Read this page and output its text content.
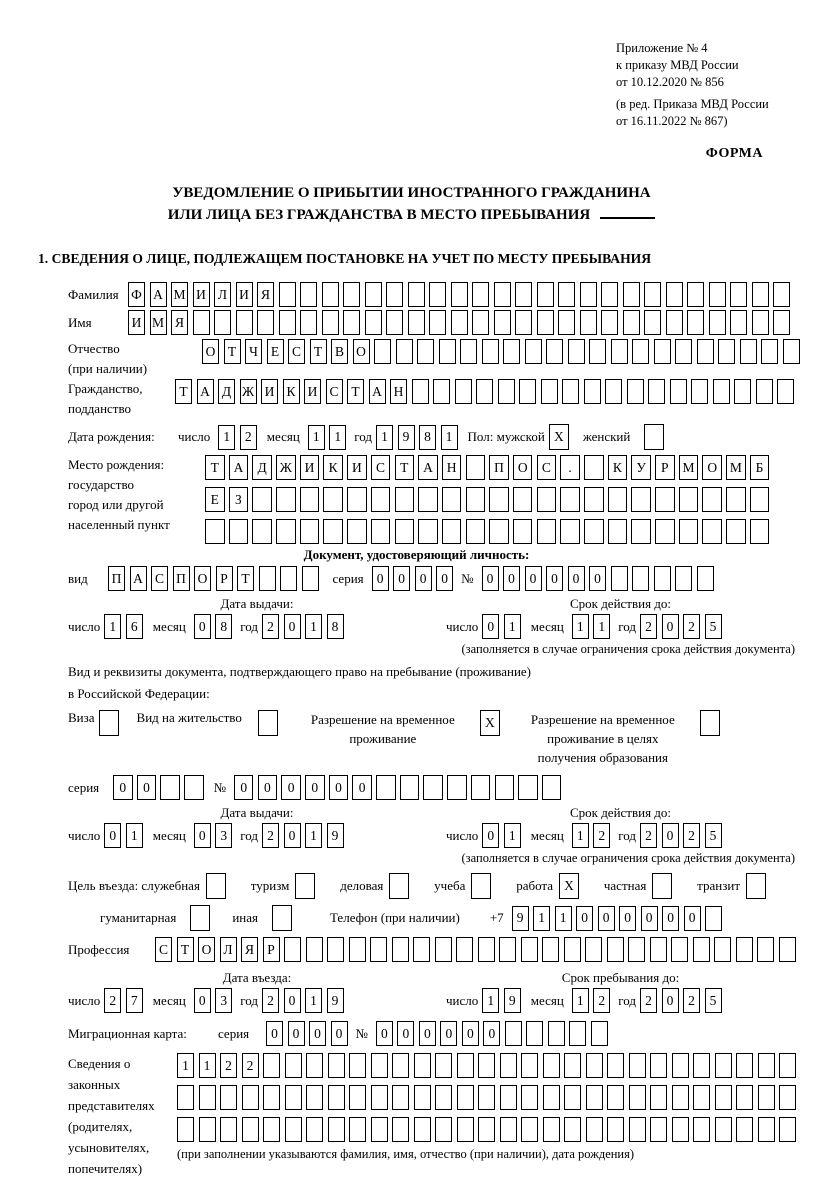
Приложение № 4
к приказу МВД России
от 10.12.2020 № 856
(в ред. Приказа МВД России
от 16.11.2022 № 867)
ФОРМА
УВЕДОМЛЕНИЕ О ПРИБЫТИИ ИНОСТРАННОГО ГРАЖДАНИНА
ИЛИ ЛИЦА БЕЗ ГРАЖДАНСТВА В МЕСТО ПРЕБЫВАНИЯ
1. СВЕДЕНИЯ О ЛИЦЕ, ПОДЛЕЖАЩЕМ ПОСТАНОВКЕ НА УЧЕТ ПО МЕСТУ ПРЕБЫВАНИЯ
Фамилия Ф А М И Л И Я
Имя	И М Я
Отчество
(при наличии)
О Т Ч Е С Т В О
Гражданство,
подданство
Т А Д Ж И К И С Т А Н
Дата рождения:	число 1	2	месяц 1	1	год 1	9	8	1	Пол: мужской X	женский
Место рождения:
государство
город или другой
населенный пункт
Т	А	Д Ж И	К	И	С	Т	А	Н	П	О	С	.	К	У	Р	М О М	Б
Е	З
Документ, удостоверяющий личность:
вид	П А С П О Р	Т	серия 0	0	0	0	№ 0	0	0	0	0	0
Дата выдачи:	Срок действия до:
число 1	6	месяц 0	8	год 2	0	1	8	число 0	1	месяц 1	1	год 2	0	2	5
(заполняется в случае ограничения срока действия документа)
Вид и реквизиты документа, подтверждающего право на пребывание (проживание)
в Российской Федерации:
Виза	Вид на жительство	Разрешение на временное
проживание
X	Разрешение на временное
проживание в целях
получения образования
серия	0	0	№	0	0	0	0	0	0
Дата выдачи:	Срок действия до:
число 0	1	месяц 0	3	год 2	0	1	9	число 0	1	месяц 1	2	год 2	0	2	5
(заполняется в случае ограничения срока действия документа)
Цель въезда: служебная	туризм	деловая	учеба	работа X	частная	транзит
гуманитарная	иная	Телефон (при наличии) +7 9	1	1	0	0	0	0	0	0
Профессия	С Т О Л Я Р
Дата въезда:	Срок пребывания до:
число 2	7	месяц 0	3	год 2	0	1	9	число 1	9	месяц 1	2	год 2	0	2	5
Миграционная карта:	серия	0	0	0	0	№ 0	0	0	0	0	0
Сведения о
законных
представителях
(родителях,
усыновителях,
попечителях)
1	1	2	2
(при заполнении указываются фамилия, имя, отчество (при наличии), дата рождения)
